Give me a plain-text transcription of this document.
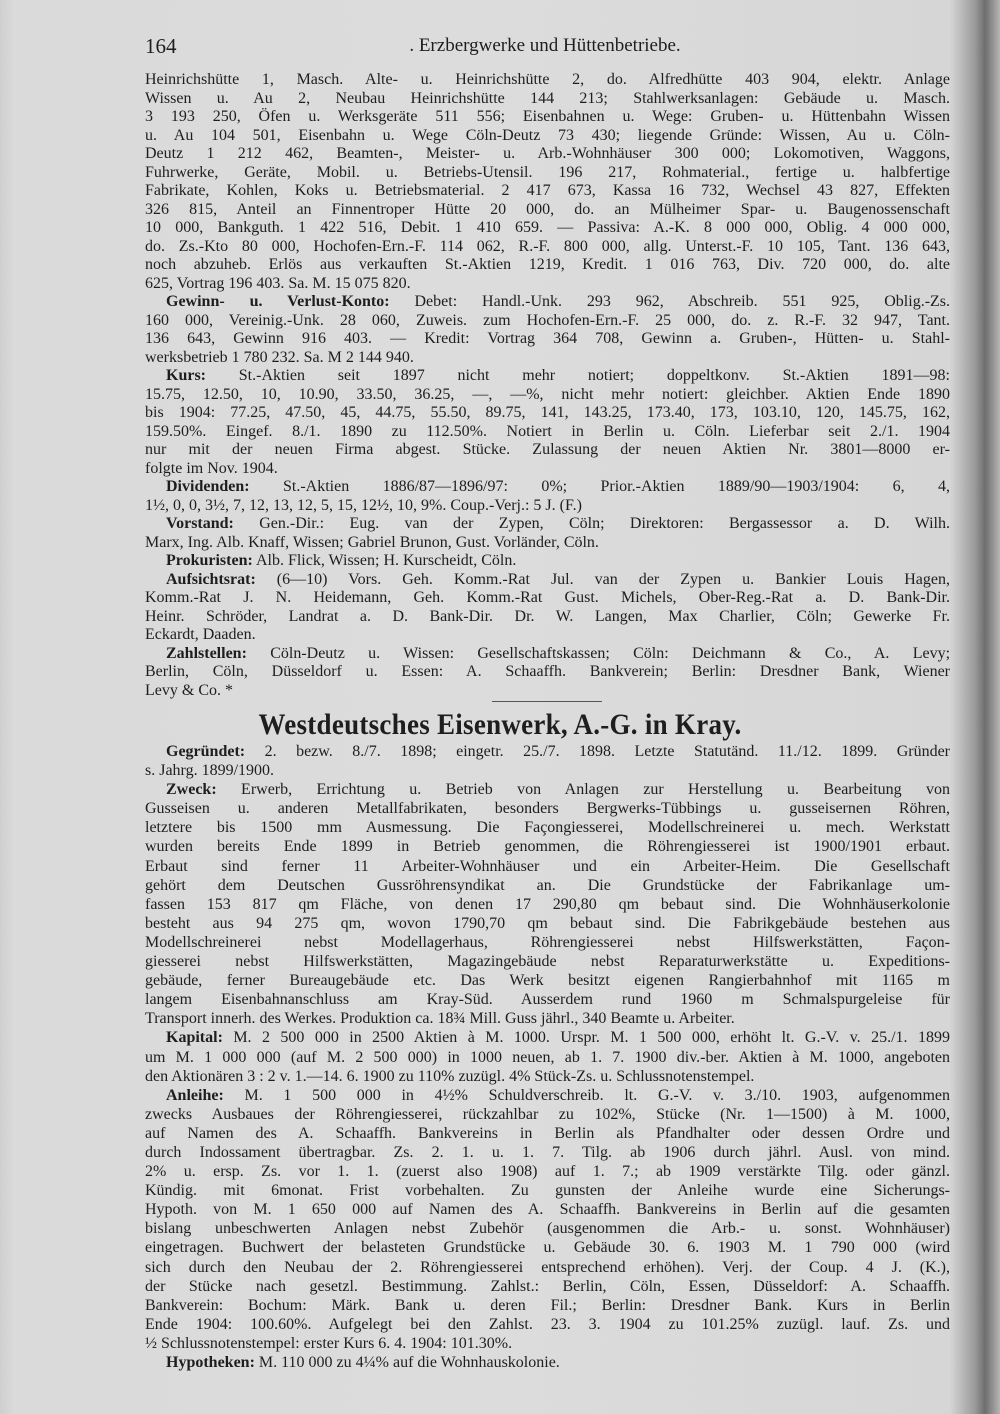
164	. Erzbergwerke und Hüttenbetriebe.
Heinrichshütte 1, Masch. Alte- u. Heinrichshütte 2, do. Alfredhütte 403 904, elektr. Anlage
Wissen u. Au 2, Neubau Heinrichshütte 144 213; Stahlwerksanlagen: Gebäude u. Masch.
3 193 250, Öfen u. Werksgeräte 511 556; Eisenbahnen u. Wege: Gruben- u. Hüttenbahn Wissen
u. Au 104 501, Eisenbahn u. Wege Cöln-Deutz 73 430; liegende Gründe: Wissen, Au u. Cöln-
Deutz 1 212 462, Beamten-, Meister- u. Arb.-Wohnhäuser 300 000; Lokomotiven, Waggons,
Fuhrwerke, Geräte, Mobil. u. Betriebs-Utensil. 196 217, Rohmaterial., fertige u. halbfertige
Fabrikate, Kohlen, Koks u. Betriebsmaterial. 2 417 673, Kassa 16 732, Wechsel 43 827, Effekten
326 815, Anteil an Finnentroper Hütte 20 000, do. an Mülheimer Spar- u. Baugenossenschaft
10 000, Bankguth. 1 422 516, Debit. 1 410 659. — Passiva: A.-K. 8 000 000, Oblig. 4 000 000,
do. Zs.-Kto 80 000, Hochofen-Ern.-F. 114 062, R.-F. 800 000, allg. Unterst.-F. 10 105, Tant. 136 643,
noch abzuheb. Erlös aus verkauften St.-Aktien 1219, Kredit. 1 016 763, Div. 720 000, do. alte
625, Vortrag 196 403. Sa. M. 15 075 820.
Gewinn- u. Verlust-Konto: Debet: Handl.-Unk. 293 962, Abschreib. 551 925, Oblig.-Zs.
160 000, Vereinig.-Unk. 28 060, Zuweis. zum Hochofen-Ern.-F. 25 000, do. z. R.-F. 32 947, Tant.
136 643, Gewinn 916 403. — Kredit: Vortrag 364 708, Gewinn a. Gruben-, Hütten- u. Stahl-
werksbetrieb 1 780 232. Sa. M 2 144 940.
Kurs: St.-Aktien seit 1897 nicht mehr notiert; doppeltkonv. St.-Aktien 1891—98:
15.75, 12.50, 10, 10.90, 33.50, 36.25, —, —%, nicht mehr notiert: gleichber. Aktien Ende 1890
bis 1904: 77.25, 47.50, 45, 44.75, 55.50, 89.75, 141, 143.25, 173.40, 173, 103.10, 120, 145.75, 162,
159.50%. Eingef. 8./1. 1890 zu 112.50%. Notiert in Berlin u. Cöln. Lieferbar seit 2./1. 1904
nur mit der neuen Firma abgest. Stücke. Zulassung der neuen Aktien Nr. 3801—8000 er-
folgte im Nov. 1904.
Dividenden: St.-Aktien 1886/87—1896/97: 0%; Prior.-Aktien 1889/90—1903/1904: 6, 4,
1½, 0, 0, 3½, 7, 12, 13, 12, 5, 15, 12½, 10, 9%. Coup.-Verj.: 5 J. (F.)
Vorstand: Gen.-Dir.: Eug. van der Zypen, Cöln; Direktoren: Bergassessor a. D. Wilh.
Marx, Ing. Alb. Knaff, Wissen; Gabriel Brunon, Gust. Vorländer, Cöln.
Prokuristen: Alb. Flick, Wissen; H. Kurscheidt, Cöln.
Aufsichtsrat: (6—10) Vors. Geh. Komm.-Rat Jul. van der Zypen u. Bankier Louis Hagen,
Komm.-Rat J. N. Heidemann, Geh. Komm.-Rat Gust. Michels, Ober-Reg.-Rat a. D. Bank-Dir.
Heinr. Schröder, Landrat a. D. Bank-Dir. Dr. W. Langen, Max Charlier, Cöln; Gewerke Fr.
Eckardt, Daaden.
Zahlstellen: Cöln-Deutz u. Wissen: Gesellschaftskassen; Cöln: Deichmann & Co., A. Levy;
Berlin, Cöln, Düsseldorf u. Essen: A. Schaaffh. Bankverein; Berlin: Dresdner Bank, Wiener
Levy & Co. *
Westdeutsches Eisenwerk, A.-G. in Kray.
Gegründet: 2. bezw. 8./7. 1898; eingetr. 25./7. 1898. Letzte Statutänd. 11./12. 1899. Gründer
s. Jahrg. 1899/1900.
Zweck: Erwerb, Errichtung u. Betrieb von Anlagen zur Herstellung u. Bearbeitung von
Gusseisen u. anderen Metallfabrikaten, besonders Bergwerks-Tübbings u. gusseisernen Röhren,
letztere bis 1500 mm Ausmessung. Die Façongiesserei, Modellschreinerei u. mech. Werkstatt
wurden bereits Ende 1899 in Betrieb genommen, die Röhrengiesserei ist 1900/1901 erbaut.
Erbaut sind ferner 11 Arbeiter-Wohnhäuser und ein Arbeiter-Heim. Die Gesellschaft
gehört dem Deutschen Gussröhrensyndikat an. Die Grundstücke der Fabrikanlage um-
fassen 153 817 qm Fläche, von denen 17 290,80 qm bebaut sind. Die Wohnhäuserkolonie
besteht aus 94 275 qm, wovon 1790,70 qm bebaut sind. Die Fabrikgebäude bestehen aus
Modellschreinerei nebst Modellagerhaus, Röhrengiesserei nebst Hilfswerkstätten, Façon-
giesserei nebst Hilfswerkstätten, Magazingebäude nebst Reparaturwerkstätte u. Expeditions-
gebäude, ferner Bureaugebäude etc. Das Werk besitzt eigenen Rangierbahnhof mit 1165 m
langem Eisenbahnanschluss am Kray-Süd. Ausserdem rund 1960 m Schmalspurgeleise für
Transport innerh. des Werkes. Produktion ca. 18¾ Mill. Guss jährl., 340 Beamte u. Arbeiter.
Kapital: M. 2 500 000 in 2500 Aktien à M. 1000. Urspr. M. 1 500 000, erhöht lt. G.-V. v. 25./1. 1899
um M. 1 000 000 (auf M. 2 500 000) in 1000 neuen, ab 1. 7. 1900 div.-ber. Aktien à M. 1000, angeboten
den Aktionären 3 : 2 v. 1.—14. 6. 1900 zu 110% zuzügl. 4% Stück-Zs. u. Schlussnotenstempel.
Anleihe: M. 1 500 000 in 4½% Schuldverschreib. lt. G.-V. v. 3./10. 1903, aufgenommen
zwecks Ausbaues der Röhrengiesserei, rückzahlbar zu 102%, Stücke (Nr. 1—1500) à M. 1000,
auf Namen des A. Schaaffh. Bankvereins in Berlin als Pfandhalter oder dessen Ordre und
durch Indossament übertragbar. Zs. 2. 1. u. 1. 7. Tilg. ab 1906 durch jährl. Ausl. von mind.
2% u. ersp. Zs. vor 1. 1. (zuerst also 1908) auf 1. 7.; ab 1909 verstärkte Tilg. oder gänzl.
Kündig. mit 6monat. Frist vorbehalten. Zu gunsten der Anleihe wurde eine Sicherungs-
Hypoth. von M. 1 650 000 auf Namen des A. Schaaffh. Bankvereins in Berlin auf die gesamten
bislang unbeschwerten Anlagen nebst Zubehör (ausgenommen die Arb.- u. sonst. Wohnhäuser)
eingetragen. Buchwert der belasteten Grundstücke u. Gebäude 30. 6. 1903 M. 1 790 000 (wird
sich durch den Neubau der 2. Röhrengiesserei entsprechend erhöhen). Verj. der Coup. 4 J. (K.),
der Stücke nach gesetzl. Bestimmung. Zahlst.: Berlin, Cöln, Essen, Düsseldorf: A. Schaaffh.
Bankverein: Bochum: Märk. Bank u. deren Fil.; Berlin: Dresdner Bank. Kurs in Berlin
Ende 1904: 100.60%. Aufgelegt bei den Zahlst. 23. 3. 1904 zu 101.25% zuzügl. lauf. Zs. und
½ Schlussnotenstempel: erster Kurs 6. 4. 1904: 101.30%.
Hypotheken: M. 110 000 zu 4¼% auf die Wohnhauskolonie.
